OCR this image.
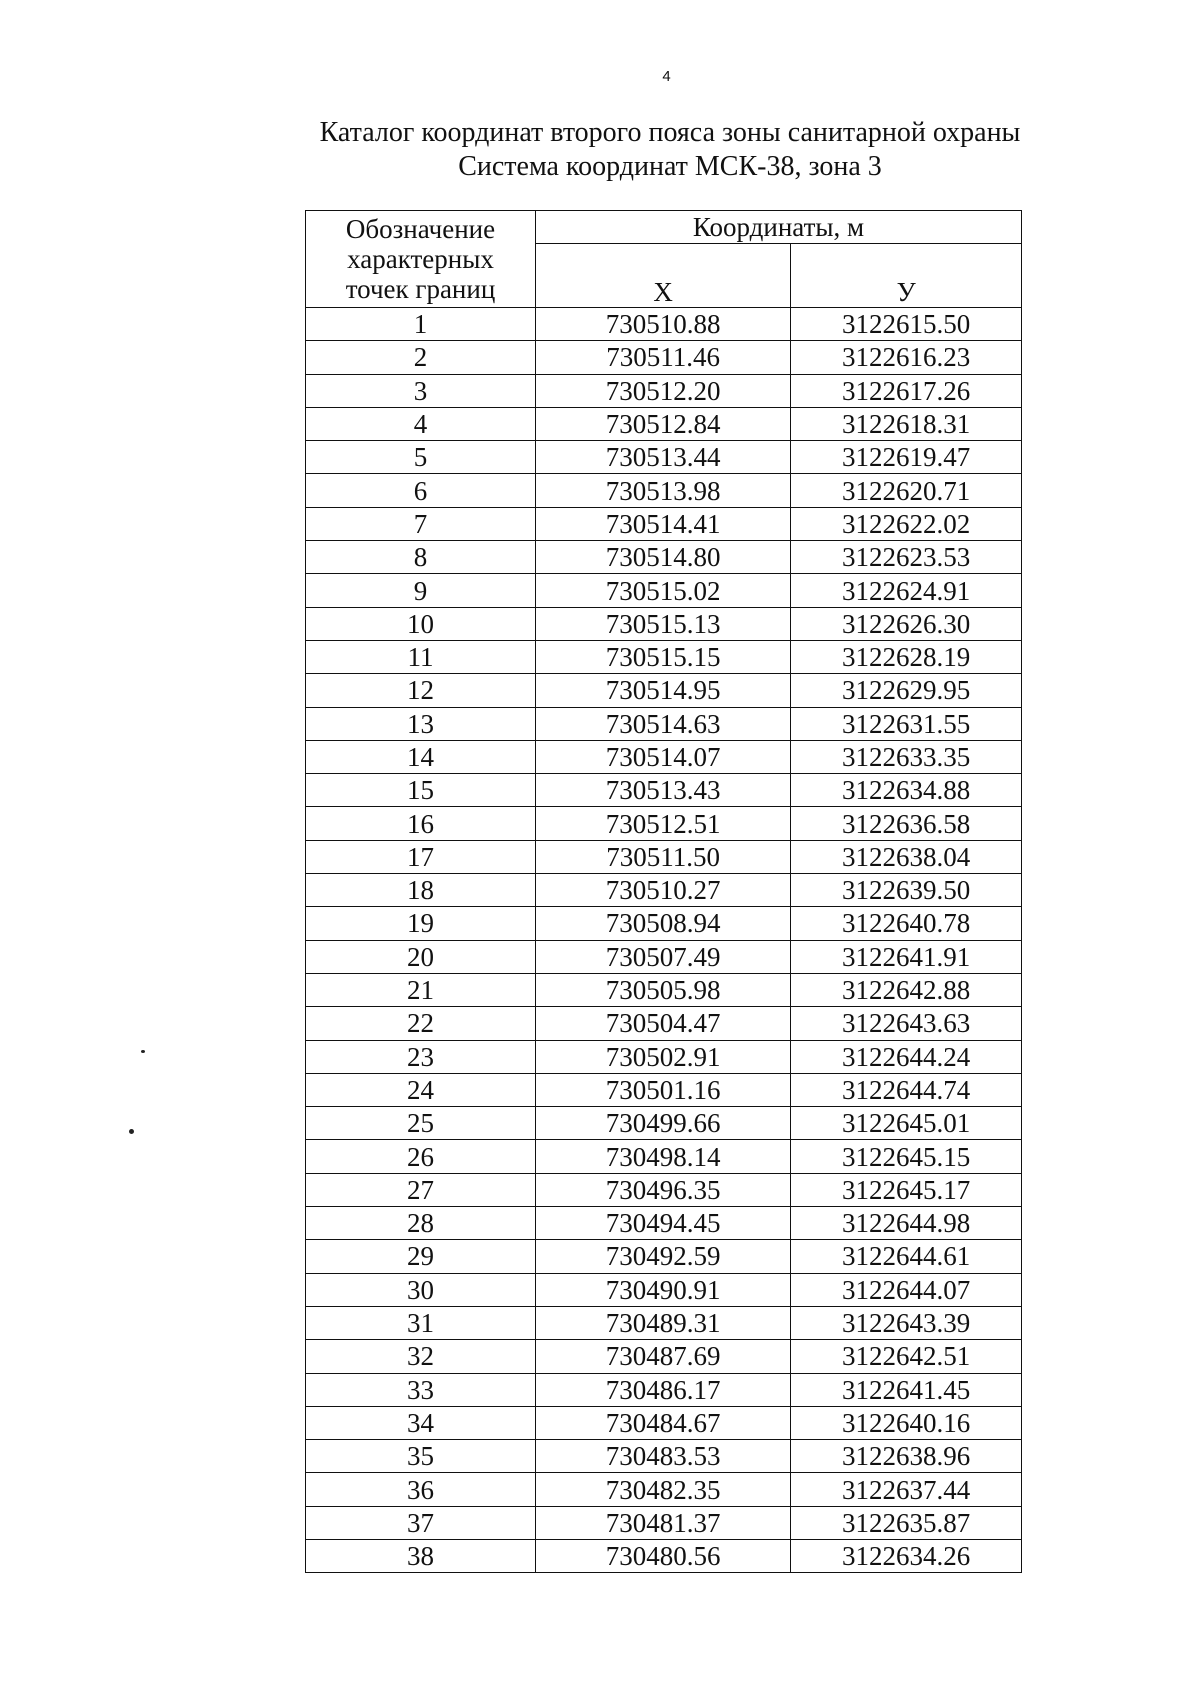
4
Каталог координат второго пояса зоны санитарной охраны
Система координат МСК-38, зона 3
Обозначение
характерных
точек границ	Координаты, м	
	Х	У
1	730510.88	3122615.50
2	730511.46	3122616.23
3	730512.20	3122617.26
4	730512.84	3122618.31
5	730513.44	3122619.47
6	730513.98	3122620.71
7	730514.41	3122622.02
8	730514.80	3122623.53
9	730515.02	3122624.91
10	730515.13	3122626.30
11	730515.15	3122628.19
12	730514.95	3122629.95
13	730514.63	3122631.55
14	730514.07	3122633.35
15	730513.43	3122634.88
16	730512.51	3122636.58
17	730511.50	3122638.04
18	730510.27	3122639.50
19	730508.94	3122640.78
20	730507.49	3122641.91
21	730505.98	3122642.88
22	730504.47	3122643.63
23	730502.91	3122644.24
24	730501.16	3122644.74
25	730499.66	3122645.01
26	730498.14	3122645.15
27	730496.35	3122645.17
28	730494.45	3122644.98
29	730492.59	3122644.61
30	730490.91	3122644.07
31	730489.31	3122643.39
32	730487.69	3122642.51
33	730486.17	3122641.45
34	730484.67	3122640.16
35	730483.53	3122638.96
36	730482.35	3122637.44
37	730481.37	3122635.87
38	730480.56	3122634.26
